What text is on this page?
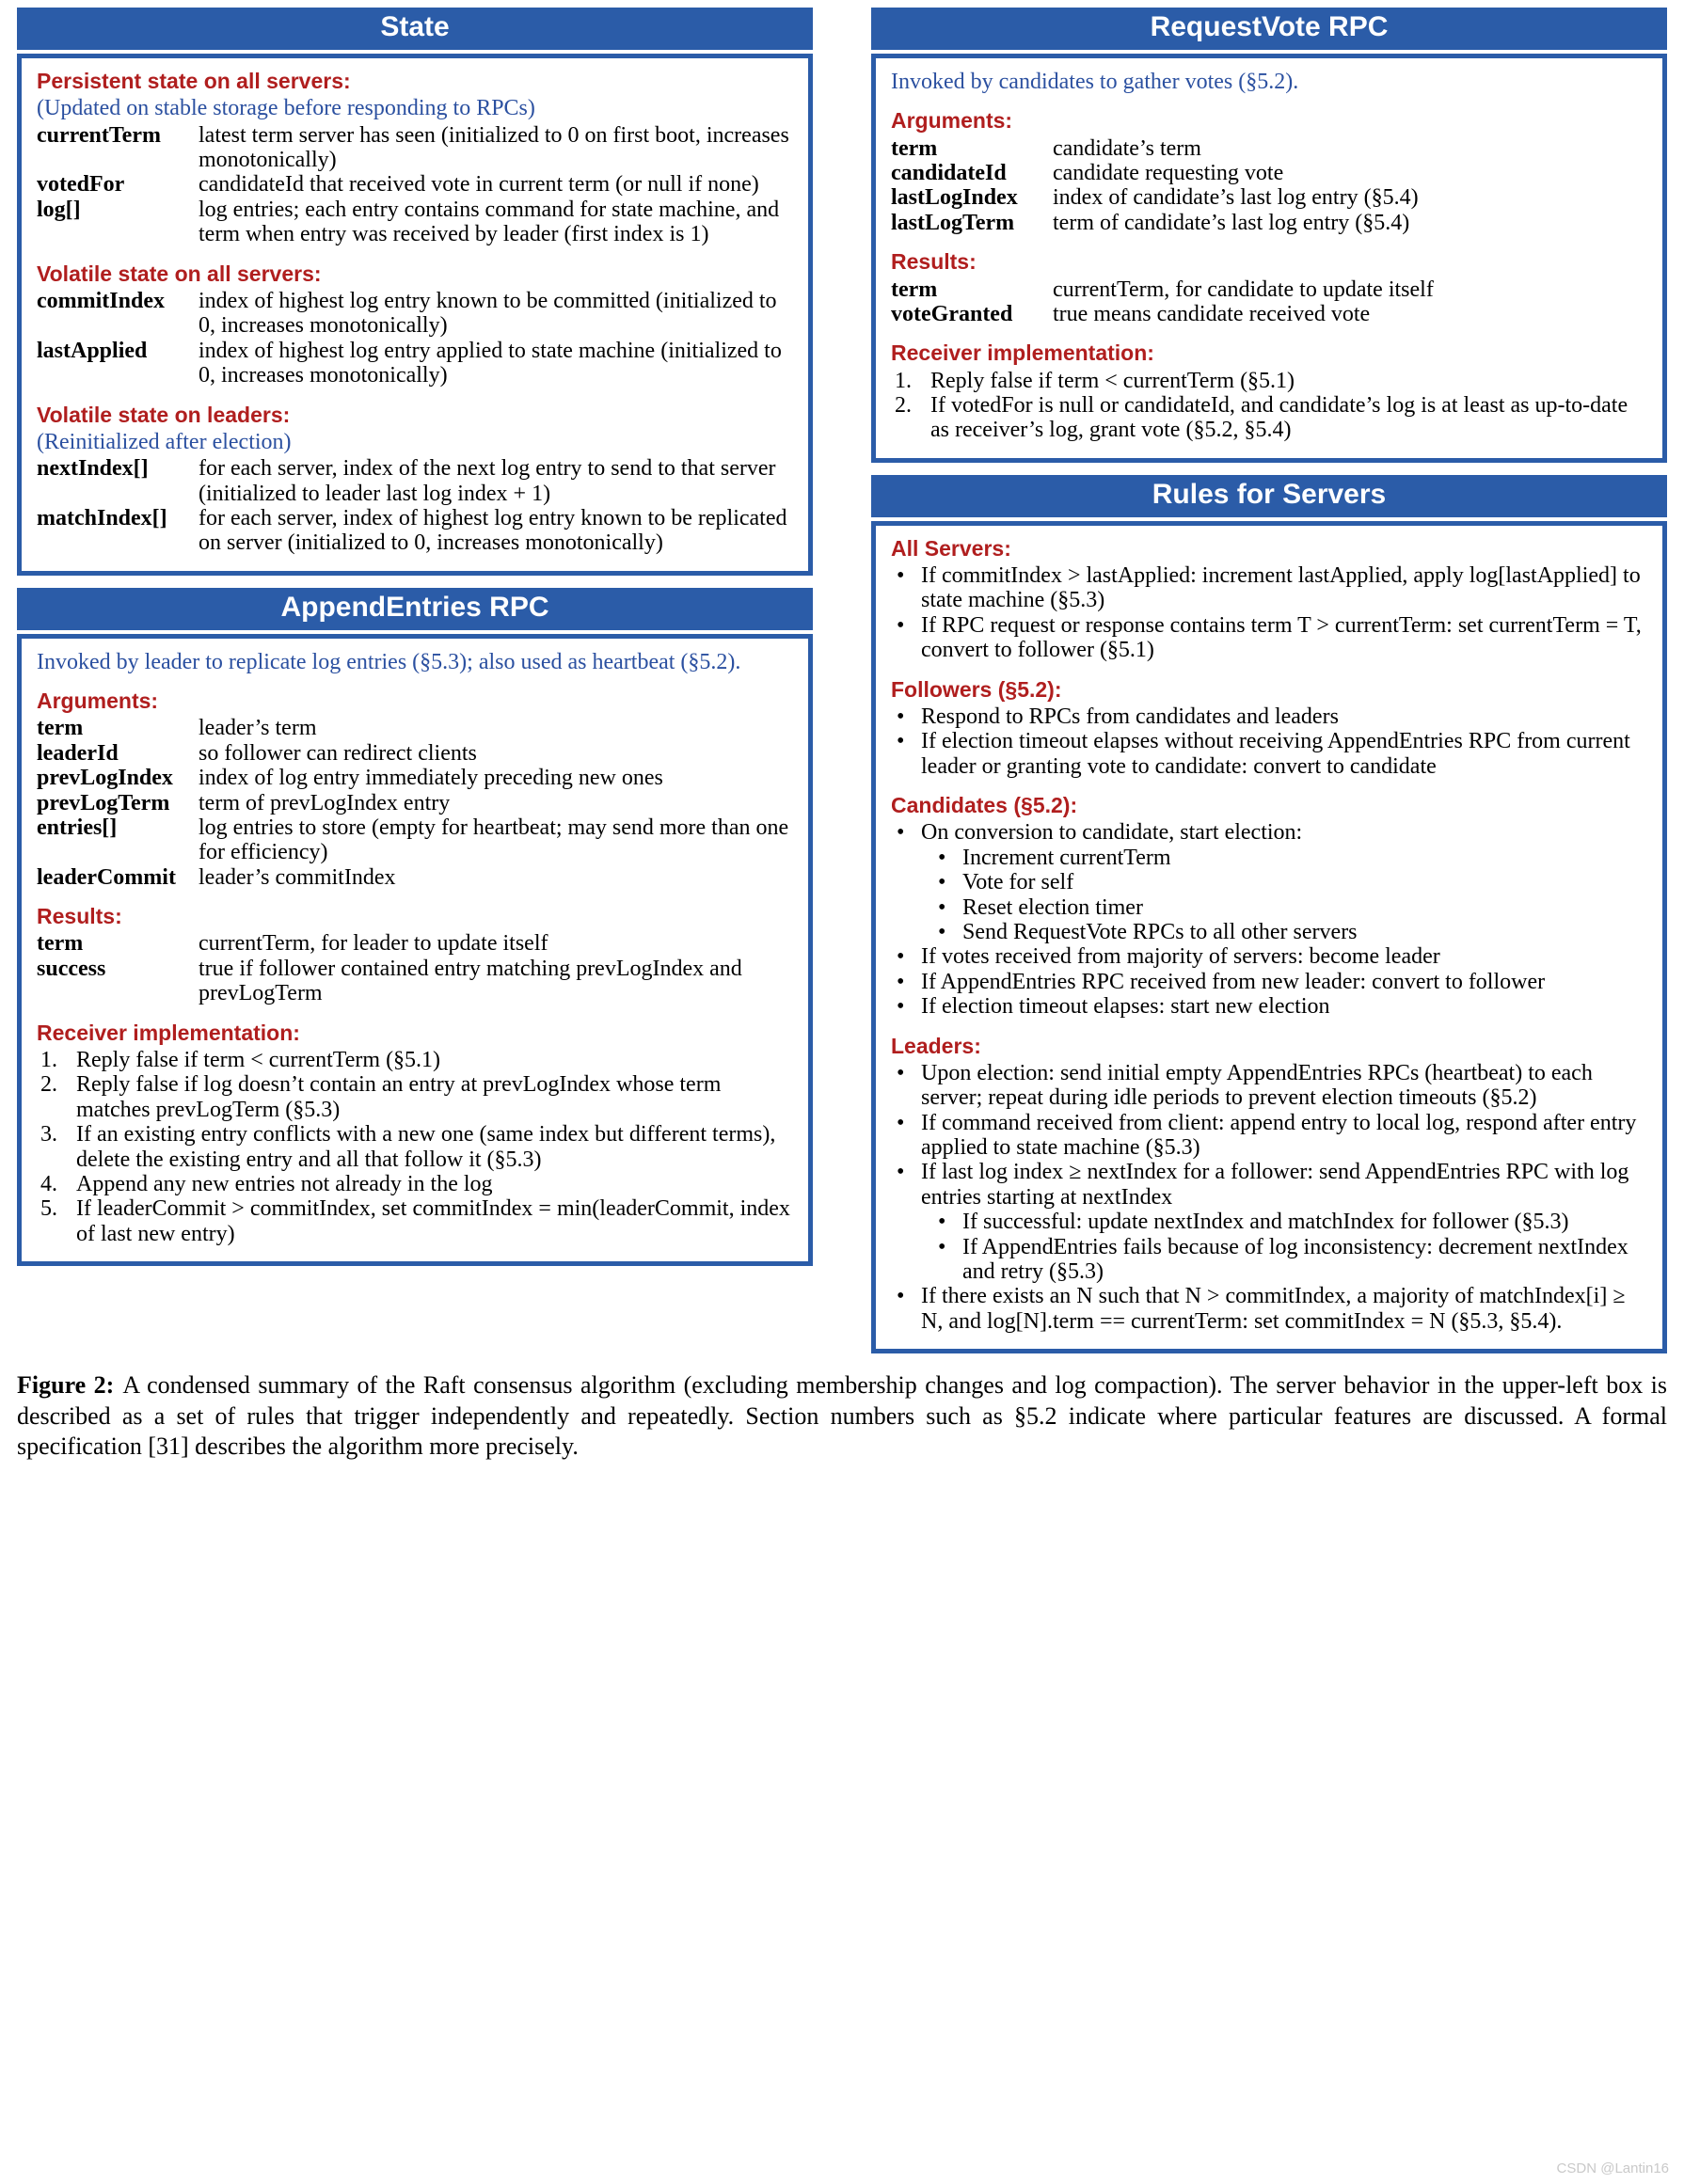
State
Persistent state on all servers:
(Updated on stable storage before responding to RPCs)
currentTerm	latest term server has seen (initialized to 0 on first boot, increases monotonically)
votedFor	candidateId that received vote in current term (or null if none)
log[]	log entries; each entry contains command for state machine, and term when entry was received by leader (first index is 1)
Volatile state on all servers:
commitIndex	index of highest log entry known to be committed (initialized to 0, increases monotonically)
lastApplied	index of highest log entry applied to state machine (initialized to 0, increases monotonically)
Volatile state on leaders:
(Reinitialized after election)
nextIndex[]	for each server, index of the next log entry to send to that server (initialized to leader last log index + 1)
matchIndex[]	for each server, index of highest log entry known to be replicated on server (initialized to 0, increases monotonically)
AppendEntries RPC
Invoked by leader to replicate log entries (§5.3); also used as heartbeat (§5.2).
Arguments:
term	leader’s term
leaderId	so follower can redirect clients
prevLogIndex	index of log entry immediately preceding new ones
prevLogTerm	term of prevLogIndex entry
entries[]	log entries to store (empty for heartbeat; may send more than one for efficiency)
leaderCommit	leader’s commitIndex
Results:
term	currentTerm, for leader to update itself
success	true if follower contained entry matching prevLogIndex and prevLogTerm
Receiver implementation:
1. Reply false if term < currentTerm (§5.1)
2. Reply false if log doesn’t contain an entry at prevLogIndex whose term matches prevLogTerm (§5.3)
3. If an existing entry conflicts with a new one (same index but different terms), delete the existing entry and all that follow it (§5.3)
4. Append any new entries not already in the log
5. If leaderCommit > commitIndex, set commitIndex = min(leaderCommit, index of last new entry)
RequestVote RPC
Invoked by candidates to gather votes (§5.2).
Arguments:
term	candidate’s term
candidateId	candidate requesting vote
lastLogIndex	index of candidate’s last log entry (§5.4)
lastLogTerm	term of candidate’s last log entry (§5.4)
Results:
term	currentTerm, for candidate to update itself
voteGranted	true means candidate received vote
Receiver implementation:
1. Reply false if term < currentTerm (§5.1)
2. If votedFor is null or candidateId, and candidate’s log is at least as up-to-date as receiver’s log, grant vote (§5.2, §5.4)
Rules for Servers
All Servers:
• If commitIndex > lastApplied: increment lastApplied, apply log[lastApplied] to state machine (§5.3)
• If RPC request or response contains term T > currentTerm: set currentTerm = T, convert to follower (§5.1)
Followers (§5.2):
• Respond to RPCs from candidates and leaders
• If election timeout elapses without receiving AppendEntries RPC from current leader or granting vote to candidate: convert to candidate
Candidates (§5.2):
• On conversion to candidate, start election:
• Increment currentTerm
• Vote for self
• Reset election timer
• Send RequestVote RPCs to all other servers
• If votes received from majority of servers: become leader
• If AppendEntries RPC received from new leader: convert to follower
• If election timeout elapses: start new election
Leaders:
• Upon election: send initial empty AppendEntries RPCs (heartbeat) to each server; repeat during idle periods to prevent election timeouts (§5.2)
• If command received from client: append entry to local log, respond after entry applied to state machine (§5.3)
• If last log index ≥ nextIndex for a follower: send AppendEntries RPC with log entries starting at nextIndex
• If successful: update nextIndex and matchIndex for follower (§5.3)
• If AppendEntries fails because of log inconsistency: decrement nextIndex and retry (§5.3)
• If there exists an N such that N > commitIndex, a majority of matchIndex[i] ≥ N, and log[N].term == currentTerm: set commitIndex = N (§5.3, §5.4).

Figure 2: A condensed summary of the Raft consensus algorithm (excluding membership changes and log compaction). The server behavior in the upper-left box is described as a set of rules that trigger independently and repeatedly. Section numbers such as §5.2 indicate where particular features are discussed. A formal specification [31] describes the algorithm more precisely.

CSDN @Lantin16
